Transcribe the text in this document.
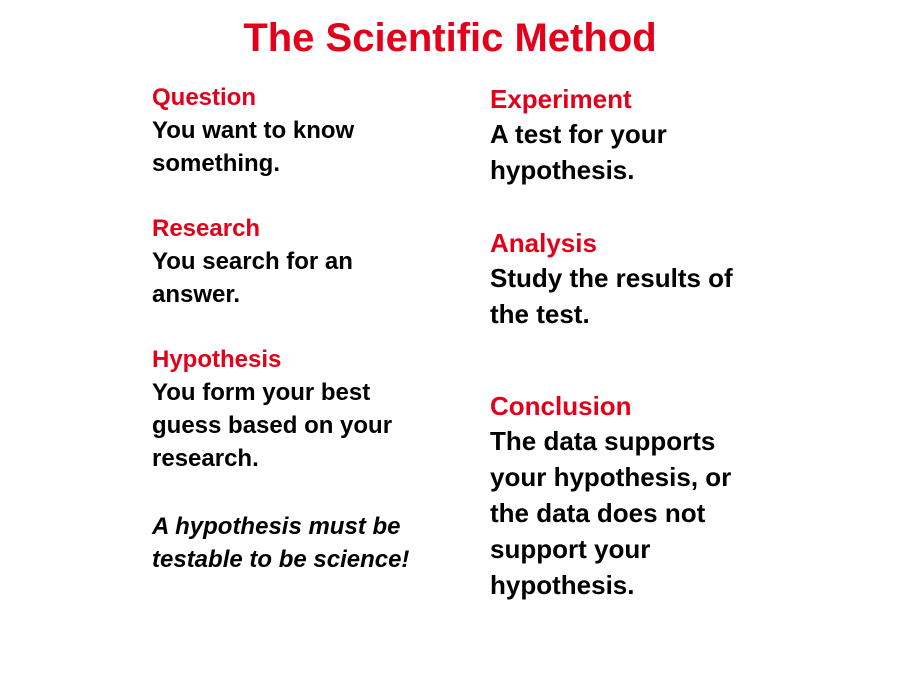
The Scientific Method

Question

You want to know something.

Research

You search for an answer.

Hypothesis

You form your best guess based on your research.

A hypothesis must be testable to be science!

Experiment

A test for your hypothesis.

Analysis

Study the results of the test.

Conclusion

The data supports your hypothesis, or the data does not support your hypothesis.
